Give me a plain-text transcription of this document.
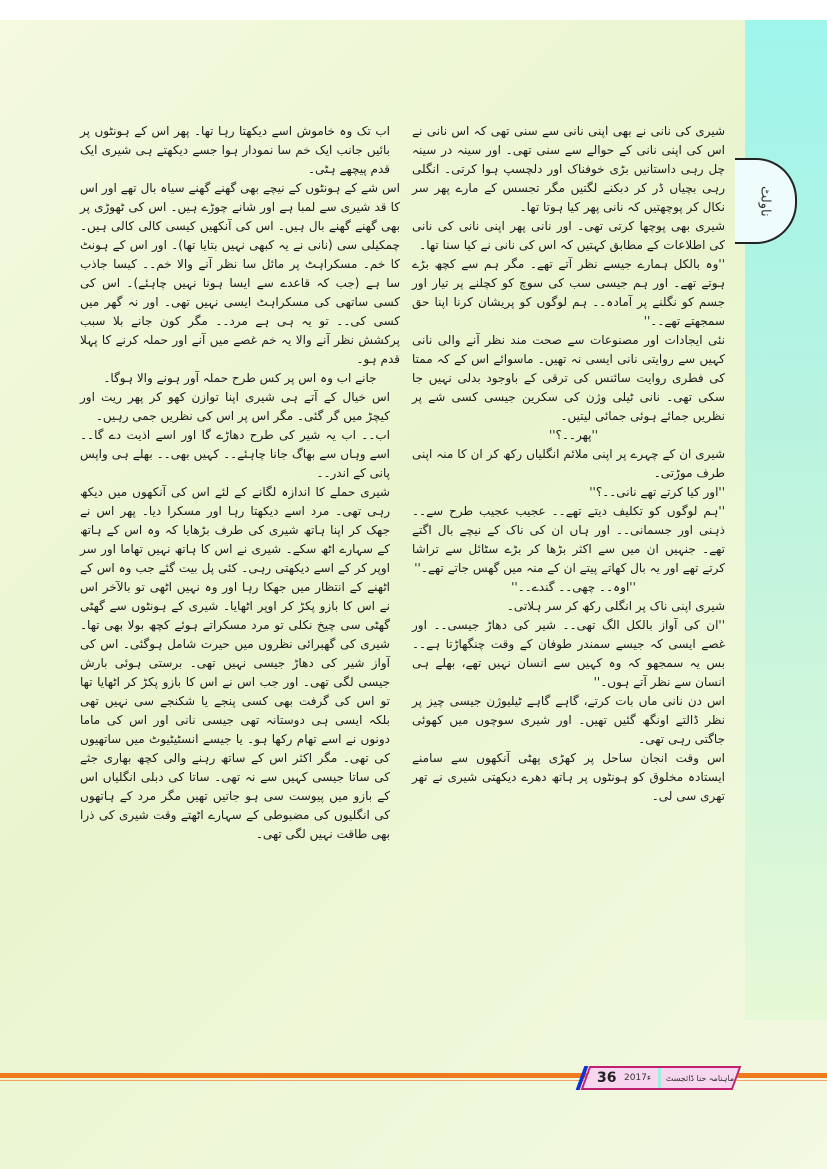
ناولٹ

شیری کی نانی نے بھی اپنی نانی سے سنی تھی کہ اس نانی نے اس کی اپنی نانی کے حوالے سے سنی تھی۔ اور سینہ در سینہ چل رہی داستانیں بڑی خوفناک اور دلچسپ ہوا کرتی۔ انگلی رہی بچیاں ڈر کر دبکنے لگتیں مگر تجسس کے مارے پھر سر نکال کر پوچھتیں کہ نانی پھر کیا ہوتا تھا۔

شیری بھی پوچھا کرتی تھی۔ اور نانی پھر اپنی نانی کی نانی کی اطلاعات کے مطابق کہتیں کہ اس کی نانی نے کیا سنا تھا۔

''وہ بالکل ہمارے جیسے نظر آتے تھے۔ مگر ہم سے کچھ بڑے ہوتے تھے۔ اور ہم جیسی سب کی سوچ کو کچلنے پر تیار اور جسم کو نگلنے پر آمادہ۔۔ ہم لوگوں کو پریشان کرنا اپنا حق سمجھتے تھے۔۔''

نئی ایجادات اور مصنوعات سے صحت مند نظر آنے والی نانی کہیں سے روایتی نانی ایسی نہ تھیں۔ ماسوائے اس کے کہ ممتا کی فطری روایت سائنس کی ترقی کے باوجود بدلی نہیں جا سکی تھی۔ نانی ٹیلی وژن کی سکرین جیسی کسی شے پر نظریں جمائے ہوئی جمائی لیتیں۔

''پھر۔۔؟''

شیری ان کے چہرے پر اپنی ملائم انگلیاں رکھ کر ان کا منہ اپنی طرف موڑتی۔

''اور کیا کرتے تھے نانی۔۔؟''

''ہم لوگوں کو تکلیف دیتے تھے۔۔ عجیب عجیب طرح سے۔۔ ذہنی اور جسمانی۔۔ اور ہاں ان کی ناک کے نیچے بال اگتے تھے۔ جنہیں ان میں سے اکثر بڑھا کر بڑے سٹائل سے تراشا کرتے تھے اور یہ بال کھاتے پیتے ان کے منہ میں گھس جاتے تھے۔''

''اوہ۔۔ چھی۔۔ گندے۔۔''

شیری اپنی ناک پر انگلی رکھ کر سر ہلاتی۔

''ان کی آواز بالکل الگ تھی۔۔ شیر کی دھاڑ جیسی۔۔ اور غصے ایسی کہ جیسے سمندر طوفان کے وقت چنگھاڑتا ہے۔۔ بس یہ سمجھو کہ وہ کہیں سے انسان نہیں تھے، بھلے ہی انسان سے نظر آتے ہوں۔''

اس دن نانی ماں بات کرتے، گاہے گاہے ٹیلیوژن جیسی چیز پر نظر ڈالتے اونگھ گئیں تھیں۔ اور شیری سوچوں میں کھوئی جاگتی رہی تھی۔

اس وقت انجان ساحل پر کھڑی پھٹی آنکھوں سے سامنے ایستادہ مخلوق کو ہونٹوں پر ہاتھ دھرے دیکھتی شیری نے تھر تھری سی لی۔

اب تک وہ خاموش اسے دیکھتا رہا تھا۔ پھر اس کے ہونٹوں پر بائیں جانب ایک خم سا نمودار ہوا جسے دیکھتے ہی شیری ایک قدم پیچھے ہٹی۔

اس شے کے ہونٹوں کے نیچے بھی گھنے گھنے سیاہ بال تھے اور اس کا قد شیری سے لمبا ہے اور شانے چوڑے ہیں۔ اس کی ٹھوڑی پر بھی گھنے گھنے بال ہیں۔ اس کی آنکھیں کیسی کالی کالی ہیں۔ چمکیلی سی (نانی نے یہ کبھی نہیں بتایا تھا)۔ اور اس کے ہونٹ کا خم۔ مسکراہٹ پر مائل سا نظر آنے والا خم۔۔ کیسا جاذب سا ہے (جب کہ قاعدے سے ایسا ہونا نہیں چاہئے)۔ اس کی کسی ساتھی کی مسکراہٹ ایسی نہیں تھی۔ اور نہ گھر میں کسی کی۔۔ تو یہ ہی ہے مرد۔۔ مگر کون جانے بلا سبب پرکشش نظر آنے والا یہ خم غصے میں آنے اور حملہ کرنے کا پہلا قدم ہو۔

جانے اب وہ اس پر کس طرح حملہ آور ہونے والا ہوگا۔

اس خیال کے آتے ہی شیری اپنا توازن کھو کر پھر ریت اور کیچڑ میں گر گئی۔ مگر اس پر اس کی نظریں جمی رہیں۔

اب۔۔ اب یہ شیر کی طرح دھاڑے گا اور اسے اذیت دے گا۔۔ اسے وہاں سے بھاگ جانا چاہئے۔۔ کہیں بھی۔۔ بھلے ہی واپس پانی کے اندر۔۔

شیری حملے کا اندازہ لگانے کے لئے اس کی آنکھوں میں دیکھ رہی تھی۔ مرد اسے دیکھتا رہا اور مسکرا دیا۔ پھر اس نے جھک کر اپنا ہاتھ شیری کی طرف بڑھایا کہ وہ اس کے ہاتھ کے سہارے اٹھ سکے۔ شیری نے اس کا ہاتھ نہیں تھاما اور سر اوپر کر کے اسے دیکھتی رہی۔ کئی پل بیت گئے جب وہ اس کے اٹھنے کے انتظار میں جھکا رہا اور وہ نہیں اٹھی تو بالآخر اس نے اس کا بازو پکڑ کر اوپر اٹھایا۔ شیری کے ہونٹوں سے گھٹی گھٹی سی چیخ نکلی تو مرد مسکراتے ہوئے کچھ بولا بھی تھا۔ شیری کی گھبرائی نظروں میں حیرت شامل ہوگئی۔ اس کی آواز شیر کی دھاڑ جیسی نہیں تھی۔ برستی ہوئی بارش جیسی لگی تھی۔ اور جب اس نے اس کا بازو پکڑ کر اٹھایا تھا تو اس کی گرفت بھی کسی پنجے یا شکنجے سی نہیں تھی بلکہ ایسی ہی دوستانہ تھی جیسی نانی اور اس کی ماما دونوں نے اسے تھام رکھا ہو۔ یا جیسے انسٹیٹیوٹ میں ساتھیوں کی تھی۔ مگر اکثر اس کے ساتھ رہنے والی کچھ بھاری جثے کی ساتا جیسی کہیں سے نہ تھی۔ ساتا کی دبلی انگلیاں اس کے بازو میں پیوست سی ہو جاتیں تھیں مگر مرد کے ہاتھوں کی انگلیوں کی مضبوطی کے سہارے اٹھتے وقت شیری کی ذرا بھی طاقت نہیں لگی تھی۔

36 2017ء ماہنامہ حنا ڈائجسٹ
